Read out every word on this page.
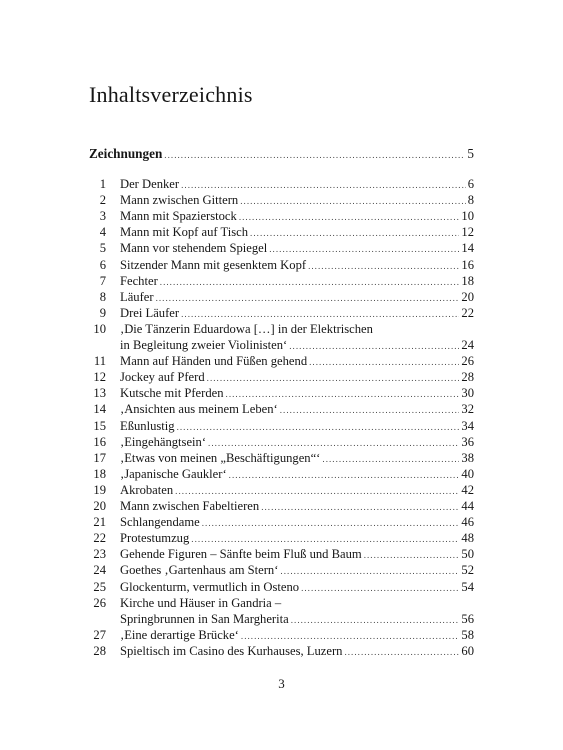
Inhaltsverzeichnis
Zeichnungen . . .	5
1 Der Denker . . .	6
2 Mann zwischen Gittern . . .	8
3 Mann mit Spazierstock . . .	10
4 Mann mit Kopf auf Tisch . . .	12
5 Mann vor stehendem Spiegel . . .	14
6 Sitzender Mann mit gesenktem Kopf . . .	16
7 Fechter . . .	18
8 Läufer . . .	20
9 Drei Läufer . . .	22
10 ‚Die Tänzerin Eduardowa […] in der Elektrischen
in Begleitung zweier Violinisten‘ . . .	24
11 Mann auf Händen und Füßen gehend . . .	26
12 Jockey auf Pferd . . .	28
13 Kutsche mit Pferden . . .	30
14 ‚Ansichten aus meinem Leben‘ . . .	32
15 Eßunlustig . . .	34
16 ‚Eingehängtsein‘ . . .	36
17 ‚Etwas von meinen „Beschäftigungen“‘ . . .	38
18 ‚Japanische Gaukler‘ . . .	40
19 Akrobaten . . .	42
20 Mann zwischen Fabeltieren . . .	44
21 Schlangendame . . .	46
22 Protestumzug . . .	48
23 Gehende Figuren – Sänfte beim Fluß und Baum . . .	50
24 Goethes ‚Gartenhaus am Stern‘ . . .	52
25 Glockenturm, vermutlich in Osteno . . .	54
26 Kirche und Häuser in Gandria –
Springbrunnen in San Margherita . . .	56
27 ‚Eine derartige Brücke‘ . . .	58
28 Spieltisch im Casino des Kurhauses, Luzern . . .	60
3
